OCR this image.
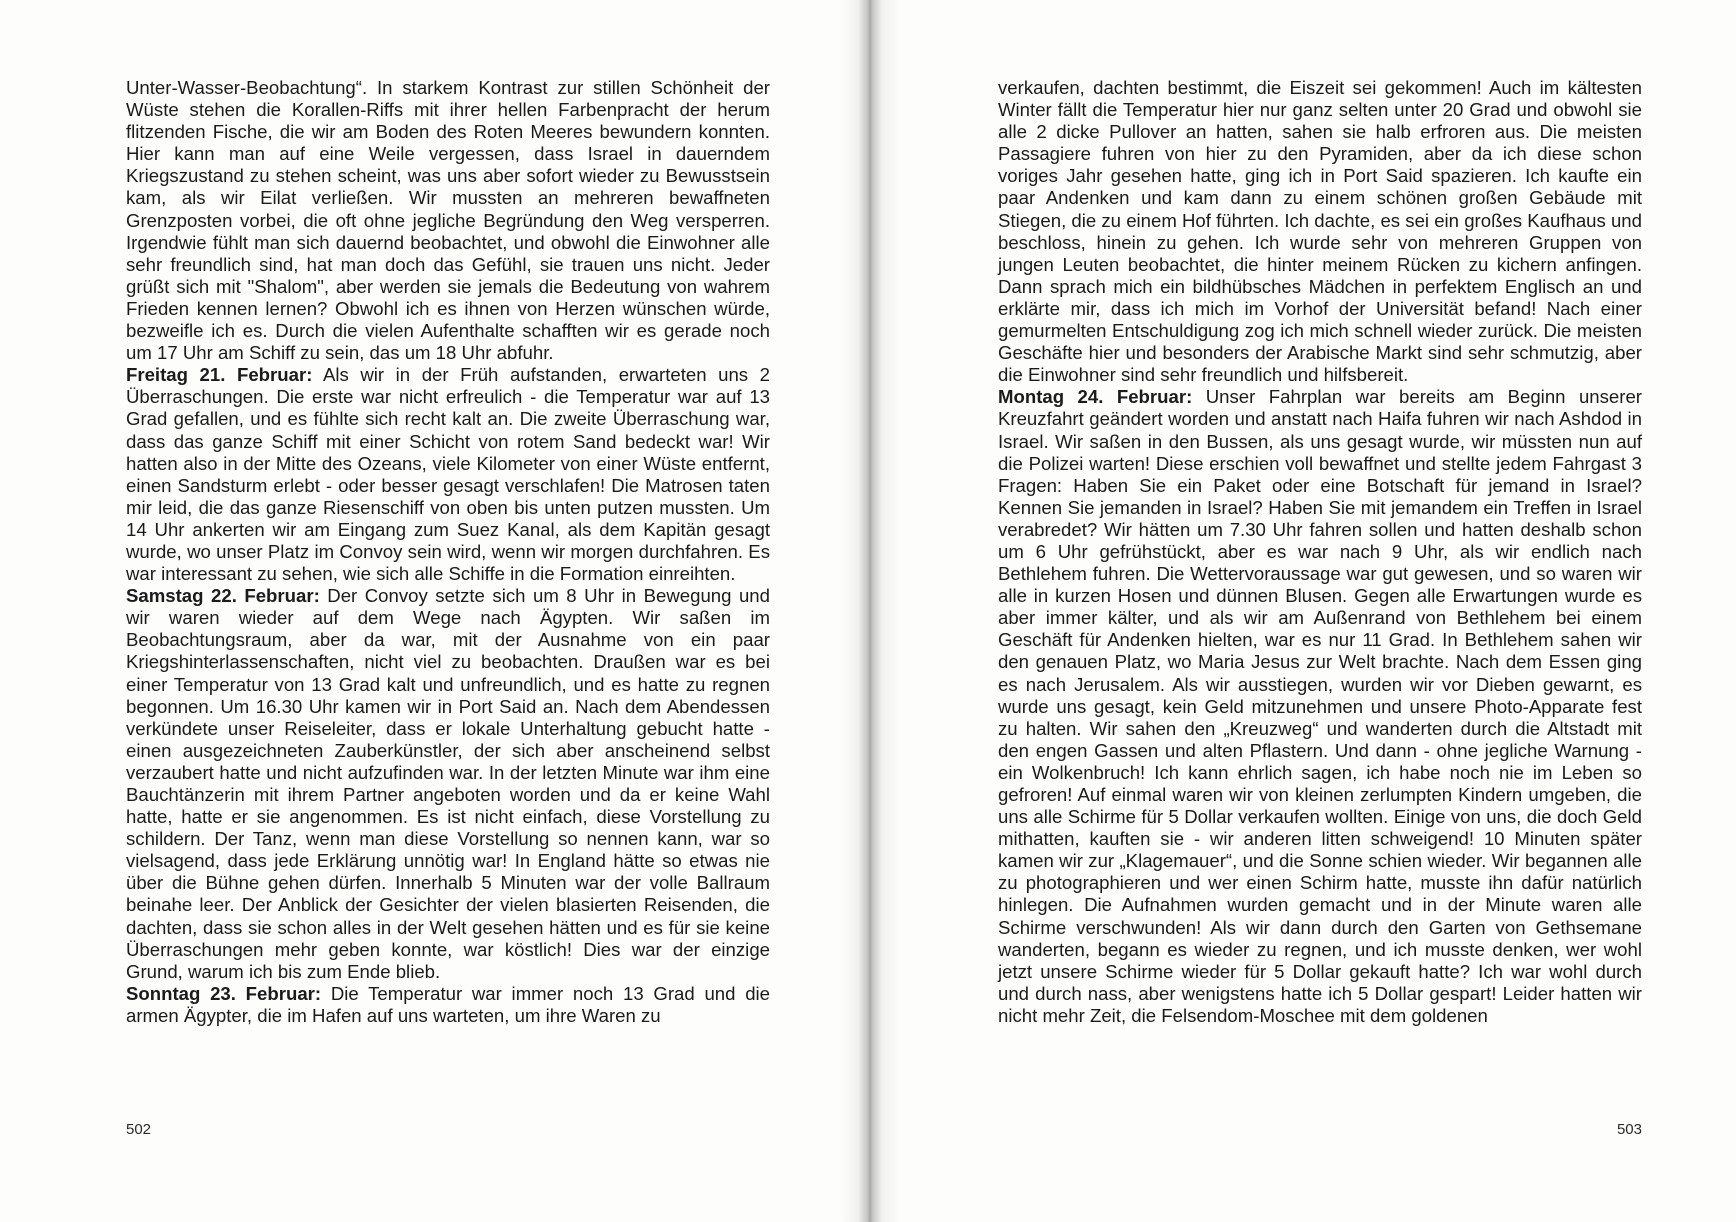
Unter-Wasser-Beobachtung“. In starkem Kontrast zur stillen Schönheit der Wüste stehen die Korallen-Riffs mit ihrer hellen Farbenpracht der herum flitzenden Fische, die wir am Boden des Roten Meeres bewundern konnten. Hier kann man auf eine Weile vergessen, dass Israel in dauerndem Kriegszustand zu stehen scheint, was uns aber sofort wieder zu Bewusstsein kam, als wir Eilat verließen. Wir mussten an mehreren bewaffneten Grenzposten vorbei, die oft ohne jegliche Begründung den Weg versperren. Irgendwie fühlt man sich dauernd beobachtet, und obwohl die Einwohner alle sehr freundlich sind, hat man doch das Gefühl, sie trauen uns nicht. Jeder grüßt sich mit "Shalom", aber werden sie jemals die Bedeutung von wahrem Frieden kennen lernen? Obwohl ich es ihnen von Herzen wünschen würde, bezweifle ich es. Durch die vielen Aufenthalte schafften wir es gerade noch um 17 Uhr am Schiff zu sein, das um 18 Uhr abfuhr.

Freitag 21. Februar: Als wir in der Früh aufstanden, erwarteten uns 2 Überraschungen. Die erste war nicht erfreulich - die Temperatur war auf 13 Grad gefallen, und es fühlte sich recht kalt an. Die zweite Überraschung war, dass das ganze Schiff mit einer Schicht von rotem Sand bedeckt war! Wir hatten also in der Mitte des Ozeans, viele Kilometer von einer Wüste entfernt, einen Sandsturm erlebt - oder besser gesagt verschlafen! Die Matrosen taten mir leid, die das ganze Riesenschiff von oben bis unten putzen mussten. Um 14 Uhr ankerten wir am Eingang zum Suez Kanal, als dem Kapitän gesagt wurde, wo unser Platz im Convoy sein wird, wenn wir morgen durchfahren. Es war interessant zu sehen, wie sich alle Schiffe in die Formation einreihten.

Samstag 22. Februar: Der Convoy setzte sich um 8 Uhr in Bewegung und wir waren wieder auf dem Wege nach Ägypten. Wir saßen im Beobachtungsraum, aber da war, mit der Ausnahme von ein paar Kriegshinterlassenschaften, nicht viel zu beobachten. Draußen war es bei einer Temperatur von 13 Grad kalt und unfreundlich, und es hatte zu regnen begonnen. Um 16.30 Uhr kamen wir in Port Said an. Nach dem Abendessen verkündete unser Reiseleiter, dass er lokale Unterhaltung gebucht hatte - einen ausgezeichneten Zauberkünstler, der sich aber anscheinend selbst verzaubert hatte und nicht aufzufinden war. In der letzten Minute war ihm eine Bauchtänzerin mit ihrem Partner angeboten worden und da er keine Wahl hatte, hatte er sie angenommen. Es ist nicht einfach, diese Vorstellung zu schildern. Der Tanz, wenn man diese Vorstellung so nennen kann, war so vielsagend, dass jede Erklärung unnötig war! In England hätte so etwas nie über die Bühne gehen dürfen. Innerhalb 5 Minuten war der volle Ballraum beinahe leer. Der Anblick der Gesichter der vielen blasierten Reisenden, die dachten, dass sie schon alles in der Welt gesehen hätten und es für sie keine Überraschungen mehr geben konnte, war köstlich! Dies war der einzige Grund, warum ich bis zum Ende blieb.

Sonntag 23. Februar: Die Temperatur war immer noch 13 Grad und die armen Ägypter, die im Hafen auf uns warteten, um ihre Waren zu

502

verkaufen, dachten bestimmt, die Eiszeit sei gekommen! Auch im kältesten Winter fällt die Temperatur hier nur ganz selten unter 20 Grad und obwohl sie alle 2 dicke Pullover an hatten, sahen sie halb erfroren aus. Die meisten Passagiere fuhren von hier zu den Pyramiden, aber da ich diese schon voriges Jahr gesehen hatte, ging ich in Port Said spazieren. Ich kaufte ein paar Andenken und kam dann zu einem schönen großen Gebäude mit Stiegen, die zu einem Hof führten. Ich dachte, es sei ein großes Kaufhaus und beschloss, hinein zu gehen. Ich wurde sehr von mehreren Gruppen von jungen Leuten beobachtet, die hinter meinem Rücken zu kichern anfingen. Dann sprach mich ein bildhübsches Mädchen in perfektem Englisch an und erklärte mir, dass ich mich im Vorhof der Universität befand! Nach einer gemurmelten Entschuldigung zog ich mich schnell wieder zurück. Die meisten Geschäfte hier und besonders der Arabische Markt sind sehr schmutzig, aber die Einwohner sind sehr freundlich und hilfsbereit.

Montag 24. Februar: Unser Fahrplan war bereits am Beginn unserer Kreuzfahrt geändert worden und anstatt nach Haifa fuhren wir nach Ashdod in Israel. Wir saßen in den Bussen, als uns gesagt wurde, wir müssten nun auf die Polizei warten! Diese erschien voll bewaffnet und stellte jedem Fahrgast 3 Fragen: Haben Sie ein Paket oder eine Botschaft für jemand in Israel? Kennen Sie jemanden in Israel? Haben Sie mit jemandem ein Treffen in Israel verabredet? Wir hätten um 7.30 Uhr fahren sollen und hatten deshalb schon um 6 Uhr gefrühstückt, aber es war nach 9 Uhr, als wir endlich nach Bethlehem fuhren. Die Wettervoraussage war gut gewesen, und so waren wir alle in kurzen Hosen und dünnen Blusen. Gegen alle Erwartungen wurde es aber immer kälter, und als wir am Außenrand von Bethlehem bei einem Geschäft für Andenken hielten, war es nur 11 Grad. In Bethlehem sahen wir den genauen Platz, wo Maria Jesus zur Welt brachte. Nach dem Essen ging es nach Jerusalem. Als wir ausstiegen, wurden wir vor Dieben gewarnt, es wurde uns gesagt, kein Geld mitzunehmen und unsere Photo-Apparate fest zu halten. Wir sahen den „Kreuzweg“ und wanderten durch die Altstadt mit den engen Gassen und alten Pflastern. Und dann - ohne jegliche Warnung - ein Wolkenbruch! Ich kann ehrlich sagen, ich habe noch nie im Leben so gefroren! Auf einmal waren wir von kleinen zerlumpten Kindern umgeben, die uns alle Schirme für 5 Dollar verkaufen wollten. Einige von uns, die doch Geld mithatten, kauften sie - wir anderen litten schweigend! 10 Minuten später kamen wir zur „Klagemauer“, und die Sonne schien wieder. Wir begannen alle zu photographieren und wer einen Schirm hatte, musste ihn dafür natürlich hinlegen. Die Aufnahmen wurden gemacht und in der Minute waren alle Schirme verschwunden! Als wir dann durch den Garten von Gethsemane wanderten, begann es wieder zu regnen, und ich musste denken, wer wohl jetzt unsere Schirme wieder für 5 Dollar gekauft hatte? Ich war wohl durch und durch nass, aber wenigstens hatte ich 5 Dollar gespart! Leider hatten wir nicht mehr Zeit, die Felsendom-Moschee mit dem goldenen

503
